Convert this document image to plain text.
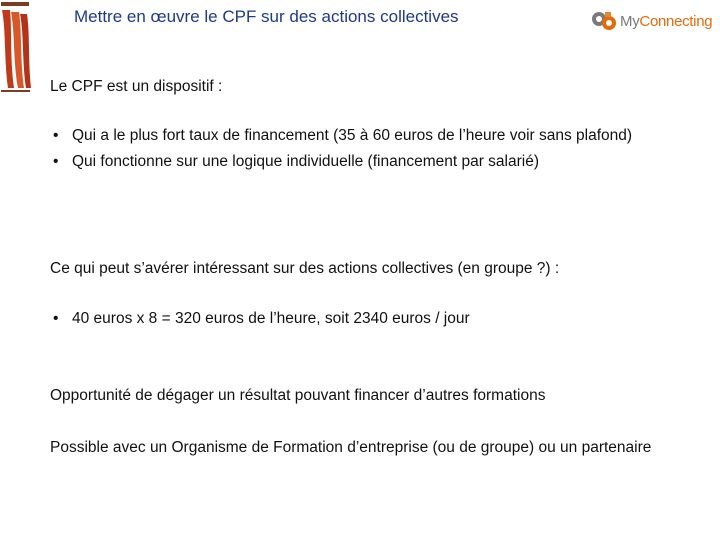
Mettre en œuvre le CPF sur des actions collectives	MyConnecting

Le CPF est un dispositif :

• Qui a le plus fort taux de financement (35 à 60 euros de l’heure voir sans plafond)
• Qui fonctionne sur une logique individuelle (financement par salarié)

Ce qui peut s’avérer intéressant sur des actions collectives (en groupe ?) :

• 40 euros x 8 = 320 euros de l’heure, soit 2340 euros / jour

Opportunité de dégager un résultat pouvant financer d’autres formations

Possible avec un Organisme de Formation d’entreprise (ou de groupe) ou un partenaire
